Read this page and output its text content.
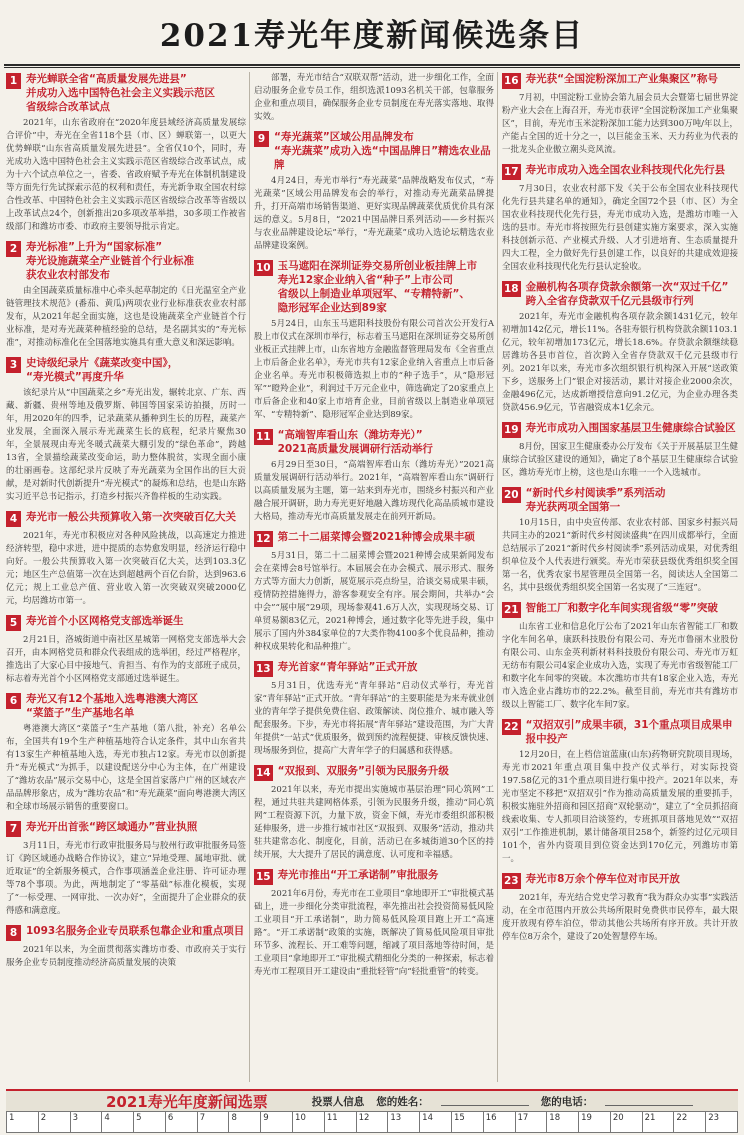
2021寿光年度新闻候选条目
1 寿光蝉联全省“高质量发展先进县”
并成功入选中国特色社会主义实践示范区
省级综合改革试点

2021年，山东省政府在“2020年度县域经济高质量发展综合评价”中，寿光在全省118个县（市、区）蝉联第一，以更大优势蝉联“山东省高质量发展先进县”。全省仅10个，同时，寿光成功入选中国特色社会主义实践示范区省级综合改革试点，成为十六个试点单位之一，省委、省政府赋予寿光在体制机制建设等方面先行先试探索示范的权利和责任，寿光新争取全国农村综合性改革、中国特色社会主义实践示范区省级综合改革等省级以上改革试点24个，创新推出20多项改革举措，30多项工作被省级部门和潍坊市委、市政府主要领导批示肯定。

2 寿光标准”上升为“国家标准”
寿光设施蔬菜全产业链首个行业标准
获农业农村部发布

由全国蔬菜质量标准中心牵头起草制定的《日光温室全产业链管理技术规范》(番茄、黄瓜)两项农业行业标准获农业农村部发布，从2021年起全面实施，这也是设施蔬菜全产业链首个行业标准，是对寿光蔬菜种植经验的总结，是名副其实的“寿光标准”，对推动标准化在全国落地实施具有重大意义和深远影响。

3 史诗级纪录片《蔬菜改变中国》，
“寿光模式”再度升华

该纪录片从“中国蔬菜之乡”寿光出发，辗转北京、广东、西藏、新疆、贵州等地及俄罗斯、韩国等国家采访拍摄，历时一年，用2020年的四季，记录蔬菜从播种到生长的历程，蔬菜产业发展，全面深入展示寿光蔬菜生长的底程，纪录片聚焦30年，全景展现由寿光冬暖式蔬菜大棚引发的“绿色革命”，跨越13省，全景描绘蔬菜改变命运，助力整体脱贫，实现全面小康的壮丽画卷。这部纪录片反映了寿光蔬菜为全国作出的巨大贡献，是对新时代创新提升“寿光模式”的凝炼和总结，也是山东路实习近平总书记指示，打造乡村振兴齐鲁样板的生动实践。

4 寿光市一般公共预算收入第一次突破百亿大关

2021年，寿光市积极应对各种风险挑战，以高速定力推进经济转型，稳中求进，进中提质的态势愈发明显，经济运行稳中向好。一般公共预算收入第一次突破百亿大关，达到103.3亿元；地区生产总值第一次在达到超越两个百亿台阶，达到963.6亿元；规上工业总产值、营业收入第一次突破双突破2000亿元，均居潍坊市第一。

5 寿光首个小区网格党支部选举诞生

2月21日，洛城街道中南社区星城第一网格党支部选举大会召开，由本网格党员和群众代表组成的选举团，经过严格程序，推选出了大家心目中接地气、肯担当、有作为的支部班子成员，标志着寿光首个小区网格党支部通过选举诞生。

6 寿光又有12个基地入选粤港澳大湾区
“菜篮子”生产基地名单

粤港澳大湾区“菜篮子”生产基地（第八批，补充）名单公布，全国共有19个生产种植基地符合认定条件，其中山东省共有13家生产种植基地入选，寿光市独占12家。寿光市以创新提升“寿光模式”为抓手，以建设配送分中心为主体，在广州建设了“潍坊农品”展示交易中心，这是全国首家落户广州的区域农产品品牌形象店，成为“潍坊农品”和“寿光蔬菜”面向粤港澳大湾区和全球市场展示销售的重要窗口。

7 寿光开出首张“跨区域通办”营业执照

3月11日，寿光市行政审批服务局与胶州行政审批服务局签订《跨区域通办战略合作协议》，建立“异地受理、属地审批、就近取证”的全新服务模式，合作事项涵盖企业注册、许可证办理等78个事项。为此，两地制定了“零基础”标准化模板，实现了“一标受理、一网审批、一次办好”，全面提升了企业群众的获得感和满意度。

8 1093名服务企业专员联系包靠企业和重点项目

2021年以来，为全面贯彻落实潍坊市委、市政府关于实行服务企业专员制度推动经济高质量发展的决策

部署，寿光市结合“双联双帮”活动，进一步细化工作，全面启动服务企业专员工作，组织选派1093名机关干部，包靠服务企业和重点项目，确保服务企业专员制度在寿光落实落地、取得实效。

9 “寿光蔬菜”区域公用品牌发布
“寿光蔬菜”成功入选“中国品牌日”精选农业品牌

4月24日，寿光市举行“寿光蔬菜”品牌战略发布仪式，“寿光蔬菜”区域公用品牌发布会的举行，对推动寿光蔬菜品牌提升，打开高端市场销售渠道、更好实现品牌蔬菜优质优价具有深远的意义。5月8日，“2021中国品牌日系列活动——乡村振兴与农业品牌建设论坛”举行，“寿光蔬菜”成功入选论坛精选农业品牌建设案例。

10 玉马遮阳在深圳证券交易所创业板挂牌上市
寿光12家企业纳入省“种子”上市公司
省级以上制造业单项冠军、“专精特新”、
隐形冠军企业达到89家

5月24日，山东玉马遮阳科技股份有限公司首次公开发行A股上市仪式在深圳市举行，标志着玉马遮阳在深圳证券交易所创业板正式挂牌上市，山东省地方金融监督管理局发布《全省重点上市后备企业名单》，寿光市共有12家企业纳入省重点上市后备企业名单。寿光市积极筛选拟上市的“种子选手”，从“隐形冠军”“瞪羚企业”，利润过千万元企业中，筛选确定了20家重点上市后备企业和40家上市培育企业，目前省级以上制造业单项冠军、“专精特新”、隐形冠军企业达到89家。

11 “高端智库看山东（潍坊寿光）”
2021高质量发展调研行活动举行

6月29日至30日，“高端智库看山东（潍坊寿光）”2021高质量发展调研行活动举行。2021年，“高端智库看山东”调研行以高质量发展为主题，第一站来到寿光市，围绕乡村振兴和产业融合展开调研，助力寿光更好地融入潍坊现代化高品质城市建设大格局，推动寿光市高质量发展走在前列开新局。

12 第二十二届菜博会暨2021种博会成果丰硕

5月31日，第二十二届菜博会暨2021种博会成果新闻发布会在菜博会8号馆举行。本届展会在办会模式、展示形式、服务方式等方面大力创新，展览展示亮点纷呈，洽谈交易成果丰硕，疫情防控措施得力，游客参观安全有序。展会期间，共举办“会中会”“展中展”29项，现场参观41.6万人次，实现现场交易、订单贸易额83亿元，2021种博会，通过数字化等先进手段，集中展示了国内外384家单位的7大类作物4100多个优良品种，推动种权成果转化和品种推广。

13 寿光首家“青年驿站”正式开放

5月31日，优选寿光“青年驿站”启动仪式举行，寿光首家“青年驿站”正式开放。“青年驿站”的主要职能是为来寿就业创业的青年学子提供免费住宿、政策解读、岗位推介、城市融入等配套服务。下步，寿光市将拓展“青年驿站”建设范围，为广大青年提供“一站式”优质服务，做到预约流程便捷、审核反馈快速、现场服务到位，提高广大青年学子的归属感和获得感。

14 “双报到、双服务”引领为民服务升级

2021年以来，寿光市提出实施城市基层治理“同心筑网”工程，通过共驻共建网格体系，引领为民服务升级，推动“同心筑网”工程资源下沉，力量下放，资金下倾，寿光市委组织部积极延伸服务，进一步推行城市社区“双报到、双服务”活动，推动共驻共建常态化、制度化，目前，活动已在多城街道30个区的持续开展，大大提升了居民的满意度、认可度和幸福感。

15 寿光市推出“开工承诺制”审批服务

2021年6月份，寿光市在工业项目“拿地即开工”审批模式基础上，进一步细化分类审批流程，率先推出社会投资简易低风险工业项目“开工承诺制”，助力简易低风险项目跑上开工“高速路”。“开工承诺制”政策的实施，既解决了简易低风险项目审批环节多、流程长、开工难等问题，缩减了项目落地等待时间，是工业项目“拿地即开工”审批模式精细化分类的一种探索，标志着寿光市工程项目开工建设由“重批轻管”向“轻批重管”的转变。

16 寿光获“全国淀粉深加工产业集聚区”称号

7月初，中国淀粉工业协会第九届会员大会暨第七届世界淀粉产业大会在上海召开，寿光市获评“全国淀粉深加工产业集聚区”，目前，寿光市玉米淀粉深加工能力达到300万吨/年以上，产能占全国的近十分之一，以巨能金玉米、天力药业为代表的一批龙头企业傲立潮头竞风流。

17 寿光市成功入选全国农业科技现代化先行县

7月30日，农业农村部下发《关于公布全国农业科技现代化先行县共建名单的通知》，确定全国72个县（市、区）为全国农业科技现代化先行县，寿光市成功入选，是潍坊市唯一入选的县市。寿光市将按照先行县创建实施方案要求，深入实施科技创新示范、产业模式升级、人才引进培育、生态质量提升四大工程，全力做好先行县创建工作，以良好的共建成效迎接全国农业科技现代化先行县认定验收。

18 金融机构各项存贷款余额第一次“双过千亿”
跨入全省存贷款双千亿元县级市行列

2021年，寿光市金融机构各项存款余额1431亿元，较年初增加142亿元，增长11%。各驻寿银行机构贷款余额1103.1亿元，较年初增加173亿元，增长18.6%。存贷款余额继续稳居潍坊各县市首位，首次跨入全省存贷款双千亿元县级市行列。2021年以来，寿光市多次组织银行机构深入开展“送政策下乡，送服务上门”银企对接活动，累计对接企业2000余次，金融496亿元，达成新增授信意向91.2亿元，为企业办理各类贷款456.9亿元，节省融资成本1亿余元。

19 寿光市成功入围国家基层卫生健康综合试验区

8月份，国家卫生健康委办公厅发布《关于开展基层卫生健康综合试验区建设的通知》，确定了8个基层卫生健康综合试验区，潍坊寿光市上榜，这也是山东唯一一个入选城市。

20 “新时代乡村阅读季”系列活动
寿光获两项全国第一

10月15日，由中央宣传部、农业农村部、国家乡村振兴局共同主办的2021“新时代乡村阅读盛典”在四川成都举行，全面总结展示了2021“新时代乡村阅读季”系列活动成果，对优秀组织单位及个人代表进行颁奖。寿光市荣获县级优秀组织奖全国第一名，优秀农家书屋管理员全国第一名，阅读达人全国第二名，其中县级优秀组织奖全国第一名实现了“三连冠”。

21 智能工厂和数字化车间实现省级“零”突破

山东省工业和信息化厅公布了2021年山东省智能工厂和数字化车间名单，康跃科技股份有限公司、寿光市鲁丽木业股份有限公司、山东金英利新材料科技股份有限公司、寿光市万虹无纺布有限公司4家企业成功入选，实现了寿光市省级智能工厂和数字化车间零的突破。本次潍坊市共有18家企业入选，寿光市入选企业占潍坊市的22.2%。截至目前，寿光市共有潍坊市级以上智能工厂、数字化车间7家。

22 “双招双引”成果丰硕，31个重点项目成果申报中投产

12月20日，在上档信谊蓝康(山东)药物研究院项目现场，寿光市2021年重点项目集中投产仪式举行，对实际投资197.58亿元的31个重点项目进行集中投产。2021年以来，寿光市坚定不移把“双招双引”作为推动高质量发展的重要抓手，积极实施驻外招商和园区招商“双轮驱动”，建立了“全员抓招商线索收集、专人抓项目洽谈签约，专班抓项目落地见效”“双招双引”工作推进机制，累计储备项目258个，新签约过亿元项目101个，省外内资项目到位资金达到170亿元，列潍坊市第一。

23 寿光市8万余个停车位对市民开放

2021年，寿光结合党史学习教育“我为群众办实事”实践活动，在全市范围内开放公共场所限时免费供市民停车，最大限度开放现有停车泊位，带动其他公共场所有序开放。共计开放停车位8万余个，建设了20处智慧停车场。

2021寿光年度新闻选票	投票人信息 您的姓名：	您的电话：
1	2	3	4	5	6	7	8	9	10	11	12	13	14	15	16	17	18	19	20	21	22	23
